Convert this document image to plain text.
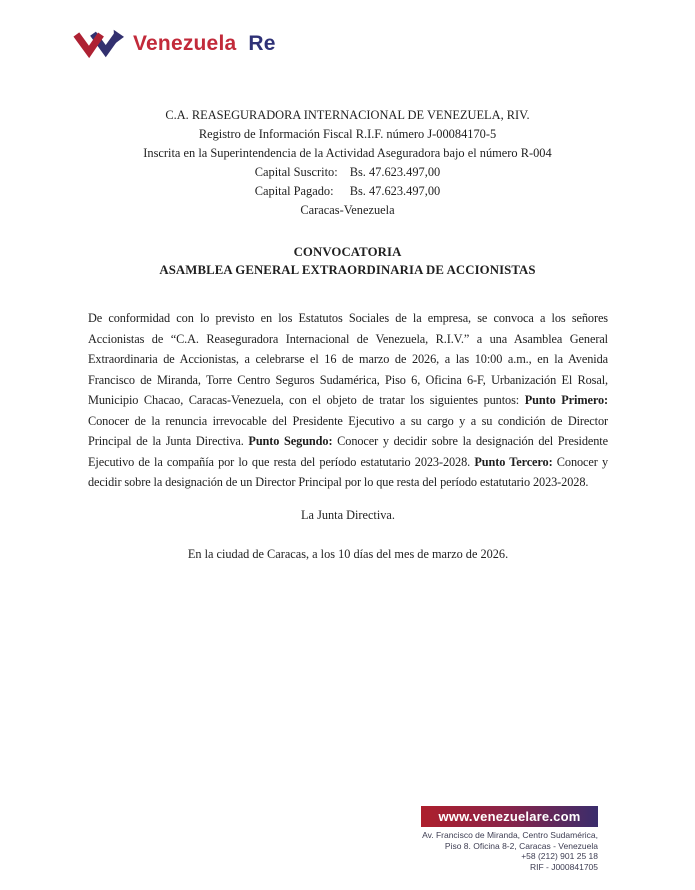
Venezuela Re
C.A. REASEGURADORA INTERNACIONAL DE VENEZUELA, RIV.
Registro de Información Fiscal R.I.F. número J-00084170-5
Inscrita en la Superintendencia de la Actividad Aseguradora bajo el número R-004
Capital Suscrito: Bs. 47.623.497,00
Capital Pagado:	Bs. 47.623.497,00
Caracas-Venezuela
CONVOCATORIA
ASAMBLEA GENERAL EXTRAORDINARIA DE ACCIONISTAS

De conformidad con lo previsto en los Estatutos Sociales de la empresa, se convoca a los señores Accionistas de “C.A. Reaseguradora Internacional de Venezuela, R.I.V.” a una Asamblea General Extraordinaria de Accionistas, a celebrarse el 16 de marzo de 2026, a las 10:00 a.m., en la Avenida Francisco de Miranda, Torre Centro Seguros Sudamérica, Piso 6, Oficina 6-F, Urbanización El Rosal, Municipio Chacao, Caracas-Venezuela, con el objeto de tratar los siguientes puntos: Punto Primero: Conocer de la renuncia irrevocable del Presidente Ejecutivo a su cargo y a su condición de Director Principal de la Junta Directiva. Punto Segundo: Conocer y decidir sobre la designación del Presidente Ejecutivo de la compañía por lo que resta del período estatutario 2023-2028. Punto Tercero: Conocer y decidir sobre la designación de un Director Principal por lo que resta del período estatutario 2023-2028.

La Junta Directiva.
En la ciudad de Caracas, a los 10 días del mes de marzo de 2026.
www.venezuelare.com
Av. Francisco de Miranda, Centro Sudamérica,
Piso 8. Oficina 8-2, Caracas - Venezuela
+58 (212) 901 25 18
RIF - J000841705
